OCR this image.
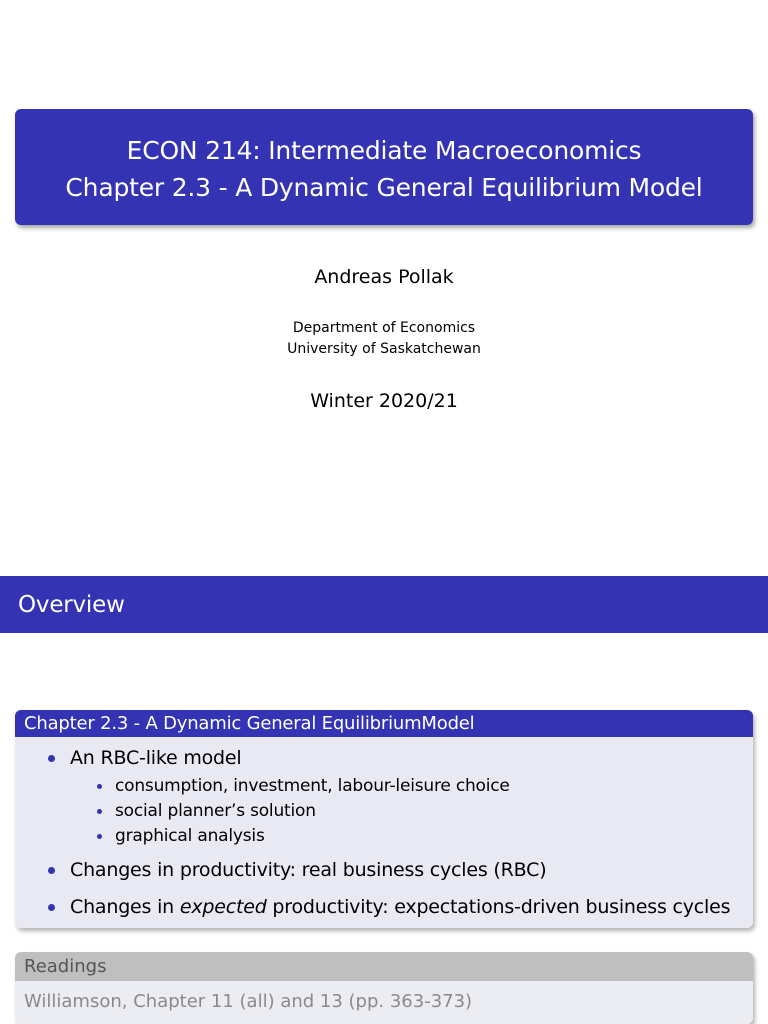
ECON 214: Intermediate Macroeconomics
Chapter 2.3 - A Dynamic General Equilibrium Model
Andreas Pollak
Department of Economics
University of Saskatchewan
Winter 2020/21
Overview
Chapter 2.3 - A Dynamic General EquilibriumModel
An RBC-like model
consumption, investment, labour-leisure choice
social planner’s solution
graphical analysis
Changes in productivity: real business cycles (RBC)
Changes in expected productivity: expectations-driven business cycles
Readings
Williamson, Chapter 11 (all) and 13 (pp. 363-373)
